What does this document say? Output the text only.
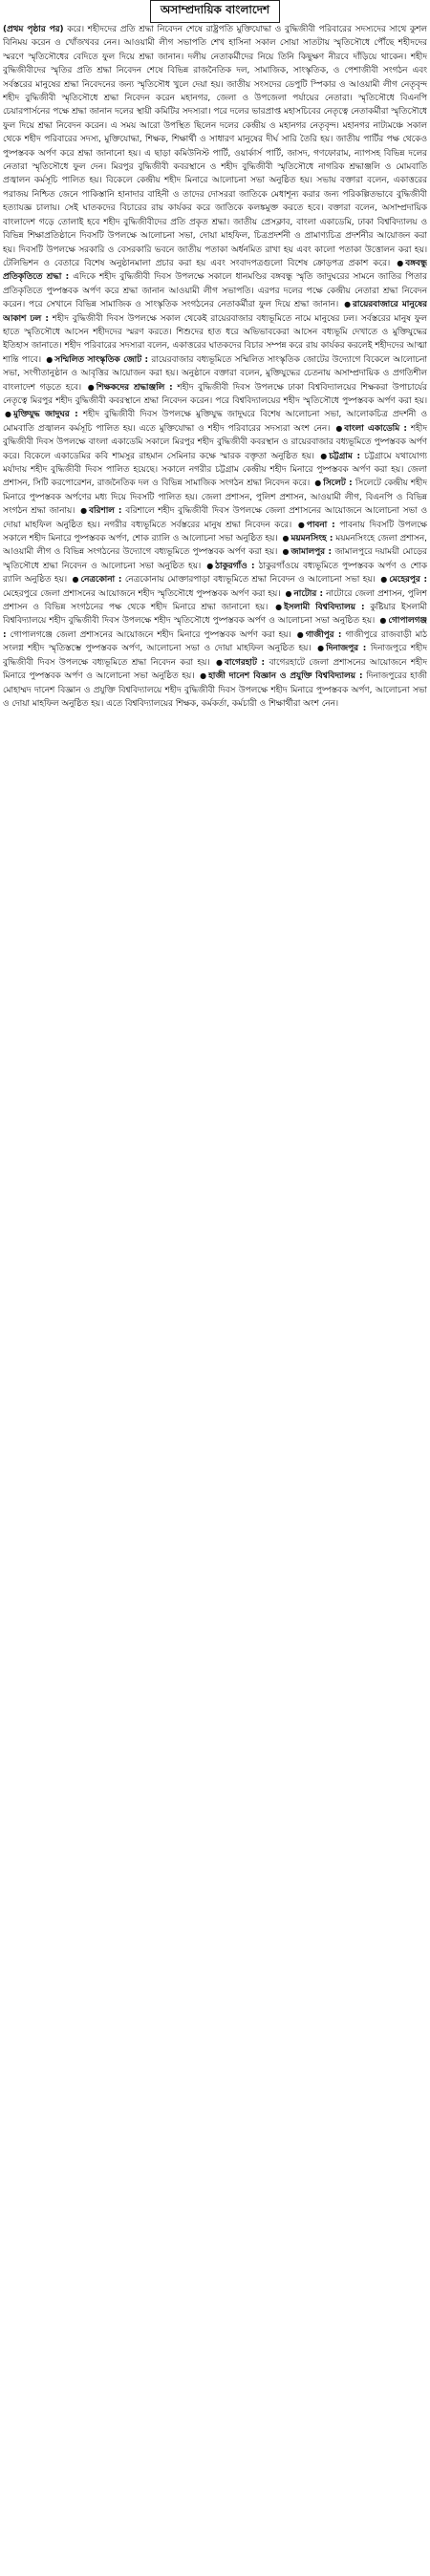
অসাম্প্রদায়িক বাংলাদেশ
(প্রথম পৃষ্ঠার পর) করে। শহীদদের প্রতি শ্রদ্ধা নিবেদন শেষে রাষ্ট্রপতি মুক্তিযোদ্ধা ও বুদ্ধিজীবী পরিবারের সদস্যদের সাথে কুশল বিনিময় করেন ও খোঁজখবর নেন। আওয়ামী লীগ সভাপতি শেখ হাসিনা সকাল সোয়া সাতটায় স্মৃতিসৌধে পৌঁছে শহীদদের স্মরণে স্মৃতিসৌধের বেদিতে ফুল দিয়ে শ্রদ্ধা জানান। দলীয় নেতাকর্মীদের নিয়ে তিনি কিছুক্ষণ নীরবে দাঁড়িয়ে থাকেন। শহীদ বুদ্ধিজীবীদের স্মৃতির প্রতি শ্রদ্ধা নিবেদন শেষে বিভিন্ন রাজনৈতিক দল, সামাজিক, সাংস্কৃতিক, ও পেশাজীবী সংগঠন এবং সর্বস্তরের মানুষের শ্রদ্ধা নিবেদনের জন্য স্মৃতিসৌধ খুলে দেয়া হয়। জাতীয় সংসদের ডেপুটি স্পিকার ও আওয়ামী লীগ নেতৃবৃন্দ শহীদ বুদ্ধিজীবী স্মৃতিসৌধে শ্রদ্ধা নিবেদন করেন মহানগর, জেলা ও উপজেলা পর্যায়ের নেতারা। স্মৃতিসৌধে বিএনপি চেয়ারপার্সনের পক্ষে শ্রদ্ধা জানান দলের স্থায়ী কমিটির সদস্যরা। পরে দলের ভারপ্রাপ্ত মহাসচিবের নেতৃত্বে নেতাকর্মীরা স্মৃতিসৌধে ফুল দিয়ে শ্রদ্ধা নিবেদন করেন। এ সময় আরো উপস্থিত ছিলেন দলের কেন্দ্রীয় ও মহানগর নেতৃবৃন্দ। মহানগর নাট্যমঞ্চে সকাল থেকে শহীদ পরিবারের সদস্য, মুক্তিযোদ্ধা, শিক্ষক, শিক্ষার্থী ও সাধারণ মানুষের দীর্ঘ সারি তৈরি হয়। জাতীয় পার্টির পক্ষ থেকেও পুষ্পস্তবক অর্পণ করে শ্রদ্ধা জানানো হয়। এ ছাড়া কমিউনিস্ট পার্টি, ওয়ার্কার্স পার্টি, জাসদ, গণফোরাম, ন্যাপসহ বিভিন্ন দলের নেতারা স্মৃতিসৌধে ফুল দেন। মিরপুর বুদ্ধিজীবী কবরস্থানে ও শহীদ বুদ্ধিজীবী স্মৃতিসৌধে নাগরিক শ্রদ্ধাঞ্জলি ও মোমবাতি প্রজ্বালন কর্মসূচি পালিত হয়। বিকেলে কেন্দ্রীয় শহীদ মিনারে আলোচনা সভা অনুষ্ঠিত হয়। সভায় বক্তারা বলেন, একাত্তরের পরাজয় নিশ্চিত জেনে পাকিস্তানি হানাদার বাহিনী ও তাদের দোসররা জাতিকে মেধাশূন্য করার জন্য পরিকল্পিতভাবে বুদ্ধিজীবী হত্যাযজ্ঞ চালায়। সেই ঘাতকদের বিচারের রায় কার্যকর করে জাতিকে কলঙ্কমুক্ত করতে হবে। বক্তারা বলেন, অসাম্প্রদায়িক বাংলাদেশ গড়ে তোলাই হবে শহীদ বুদ্ধিজীবীদের প্রতি প্রকৃত শ্রদ্ধা। জাতীয় প্রেসক্লাব, বাংলা একাডেমি, ঢাকা বিশ্ববিদ্যালয় ও বিভিন্ন শিক্ষাপ্রতিষ্ঠানে দিবসটি উপলক্ষে আলোচনা সভা, দোয়া মাহফিল, চিত্রপ্রদর্শনী ও প্রামাণ্যচিত্র প্রদর্শনীর আয়োজন করা হয়। দিবসটি উপলক্ষে সরকারি ও বেসরকারি ভবনে জাতীয় পতাকা অর্ধনমিত রাখা হয় এবং কালো পতাকা উত্তোলন করা হয়। টেলিভিশন ও বেতারে বিশেষ অনুষ্ঠানমালা প্রচার করা হয় এবং সংবাদপত্রগুলো বিশেষ ক্রোড়পত্র প্রকাশ করে। ● বঙ্গবন্ধু প্রতিকৃতিতে শ্রদ্ধা : এদিকে শহীদ বুদ্ধিজীবী দিবস উপলক্ষে সকালে ধানমণ্ডির বঙ্গবন্ধু স্মৃতি জাদুঘরের সামনে জাতির পিতার প্রতিকৃতিতে পুষ্পস্তবক অর্পণ করে শ্রদ্ধা জানান আওয়ামী লীগ সভাপতি। এরপর দলের পক্ষে কেন্দ্রীয় নেতারা শ্রদ্ধা নিবেদন করেন। পরে সেখানে বিভিন্ন সামাজিক ও সাংস্কৃতিক সংগঠনের নেতাকর্মীরা ফুল দিয়ে শ্রদ্ধা জানান। ● রায়েরবাজারে মানুষের আকাশ ঢল : শহীদ বুদ্ধিজীবী দিবস উপলক্ষে সকাল থেকেই রায়েরবাজার বধ্যভূমিতে নামে মানুষের ঢল। সর্বস্তরের মানুষ ফুল হাতে স্মৃতিসৌধে আসেন শহীদদের স্মরণ করতে। শিশুদের হাত ধরে অভিভাবকেরা আসেন বধ্যভূমি দেখাতে ও মুক্তিযুদ্ধের ইতিহাস জানাতে। শহীদ পরিবারের সদস্যরা বলেন, একাত্তরের ঘাতকদের বিচার সম্পন্ন করে রায় কার্যকর করলেই শহীদদের আত্মা শান্তি পাবে। ● সম্মিলিত সাংস্কৃতিক জোট : রায়েরবাজার বধ্যভূমিতে সম্মিলিত সাংস্কৃতিক জোটের উদ্যোগে বিকেলে আলোচনা সভা, সংগীতানুষ্ঠান ও আবৃত্তির আয়োজন করা হয়। অনুষ্ঠানে বক্তারা বলেন, মুক্তিযুদ্ধের চেতনায় অসাম্প্রদায়িক ও প্রগতিশীল বাংলাদেশ গড়তে হবে। ● শিক্ষকদের শ্রদ্ধাঞ্জলি : শহীদ বুদ্ধিজীবী দিবস উপলক্ষে ঢাকা বিশ্ববিদ্যালয়ের শিক্ষকরা উপাচার্যের নেতৃত্বে মিরপুর শহীদ বুদ্ধিজীবী কবরস্থানে শ্রদ্ধা নিবেদন করেন। পরে বিশ্ববিদ্যালয়ের শহীদ স্মৃতিসৌধে পুষ্পস্তবক অর্পণ করা হয়। ● মুক্তিযুদ্ধ জাদুঘর : শহীদ বুদ্ধিজীবী দিবস উপলক্ষে মুক্তিযুদ্ধ জাদুঘরে বিশেষ আলোচনা সভা, আলোকচিত্র প্রদর্শনী ও মোমবাতি প্রজ্বালন কর্মসূচি পালিত হয়। এতে মুক্তিযোদ্ধা ও শহীদ পরিবারের সদস্যরা অংশ নেন। ● বাংলা একাডেমি : শহীদ বুদ্ধিজীবী দিবস উপলক্ষে বাংলা একাডেমি সকালে মিরপুর শহীদ বুদ্ধিজীবী কবরস্থান ও রায়েরবাজার বধ্যভূমিতে পুষ্পস্তবক অর্পণ করে। বিকেলে একাডেমির কবি শামসুর রাহমান সেমিনার কক্ষে স্মারক বক্তৃতা অনুষ্ঠিত হয়। ● চট্টগ্রাম : চট্টগ্রামে যথাযোগ্য মর্যাদায় শহীদ বুদ্ধিজীবী দিবস পালিত হয়েছে। সকালে নগরীর চট্টগ্রাম কেন্দ্রীয় শহীদ মিনারে পুষ্পস্তবক অর্পণ করা হয়। জেলা প্রশাসন, সিটি করপোরেশন, রাজনৈতিক দল ও বিভিন্ন সামাজিক সংগঠন শ্রদ্ধা নিবেদন করে। ● সিলেট : সিলেটে কেন্দ্রীয় শহীদ মিনারে পুষ্পস্তবক অর্পণের মধ্য দিয়ে দিবসটি পালিত হয়। জেলা প্রশাসন, পুলিশ প্রশাসন, আওয়ামী লীগ, বিএনপি ও বিভিন্ন সংগঠন শ্রদ্ধা জানায়। ● বরিশাল : বরিশালে শহীদ বুদ্ধিজীবী দিবস উপলক্ষে জেলা প্রশাসনের আয়োজনে আলোচনা সভা ও দোয়া মাহফিল অনুষ্ঠিত হয়। নগরীর বধ্যভূমিতে সর্বস্তরের মানুষ শ্রদ্ধা নিবেদন করে। ● পাবনা : পাবনায় দিবসটি উপলক্ষে সকালে শহীদ মিনারে পুষ্পস্তবক অর্পণ, শোক র‌্যালি ও আলোচনা সভা অনুষ্ঠিত হয়। ● ময়মনসিংহ : ময়মনসিংহে জেলা প্রশাসন, আওয়ামী লীগ ও বিভিন্ন সংগঠনের উদ্যোগে বধ্যভূমিতে পুষ্পস্তবক অর্পণ করা হয়। ● জামালপুর : জামালপুরে দয়াময়ী মোড়ের স্মৃতিসৌধে শ্রদ্ধা নিবেদন ও আলোচনা সভা অনুষ্ঠিত হয়। ● ঠাকুরগাঁও : ঠাকুরগাঁওয়ে বধ্যভূমিতে পুষ্পস্তবক অর্পণ ও শোক র‌্যালি অনুষ্ঠিত হয়। ● নেত্রকোনা : নেত্রকোনায় মোক্তারপাড়া বধ্যভূমিতে শ্রদ্ধা নিবেদন ও আলোচনা সভা হয়। ● মেহেরপুর : মেহেরপুরে জেলা প্রশাসনের আয়োজনে শহীদ স্মৃতিসৌধে পুষ্পস্তবক অর্পণ করা হয়। ● নাটোর : নাটোরে জেলা প্রশাসন, পুলিশ প্রশাসন ও বিভিন্ন সংগঠনের পক্ষ থেকে শহীদ মিনারে শ্রদ্ধা জানানো হয়। ● ইসলামী বিশ্ববিদ্যালয় : কুষ্টিয়ার ইসলামী বিশ্ববিদ্যালয়ে শহীদ বুদ্ধিজীবী দিবস উপলক্ষে শহীদ স্মৃতিসৌধে পুষ্পস্তবক অর্পণ ও আলোচনা সভা অনুষ্ঠিত হয়। ● গোপালগঞ্জ : গোপালগঞ্জে জেলা প্রশাসনের আয়োজনে শহীদ মিনারে পুষ্পস্তবক অর্পণ করা হয়। ● গাজীপুর : গাজীপুরে রাজবাড়ী মাঠ সংলগ্ন শহীদ স্মৃতিস্তম্ভে পুষ্পস্তবক অর্পণ, আলোচনা সভা ও দোয়া মাহফিল অনুষ্ঠিত হয়। ● দিনাজপুর : দিনাজপুরে শহীদ বুদ্ধিজীবী দিবস উপলক্ষে বধ্যভূমিতে শ্রদ্ধা নিবেদন করা হয়। ● বাগেরহাট : বাগেরহাটে জেলা প্রশাসনের আয়োজনে শহীদ মিনারে পুষ্পস্তবক অর্পণ ও আলোচনা সভা অনুষ্ঠিত হয়। ● হাজী দানেশ বিজ্ঞান ও প্রযুক্তি বিশ্ববিদ্যালয় : দিনাজপুরের হাজী মোহাম্মদ দানেশ বিজ্ঞান ও প্রযুক্তি বিশ্ববিদ্যালয়ে শহীদ বুদ্ধিজীবী দিবস উপলক্ষে শহীদ মিনারে পুষ্পস্তবক অর্পণ, আলোচনা সভা ও দোয়া মাহফিল অনুষ্ঠিত হয়। এতে বিশ্ববিদ্যালয়ের শিক্ষক, কর্মকর্তা, কর্মচারী ও শিক্ষার্থীরা অংশ নেন।
